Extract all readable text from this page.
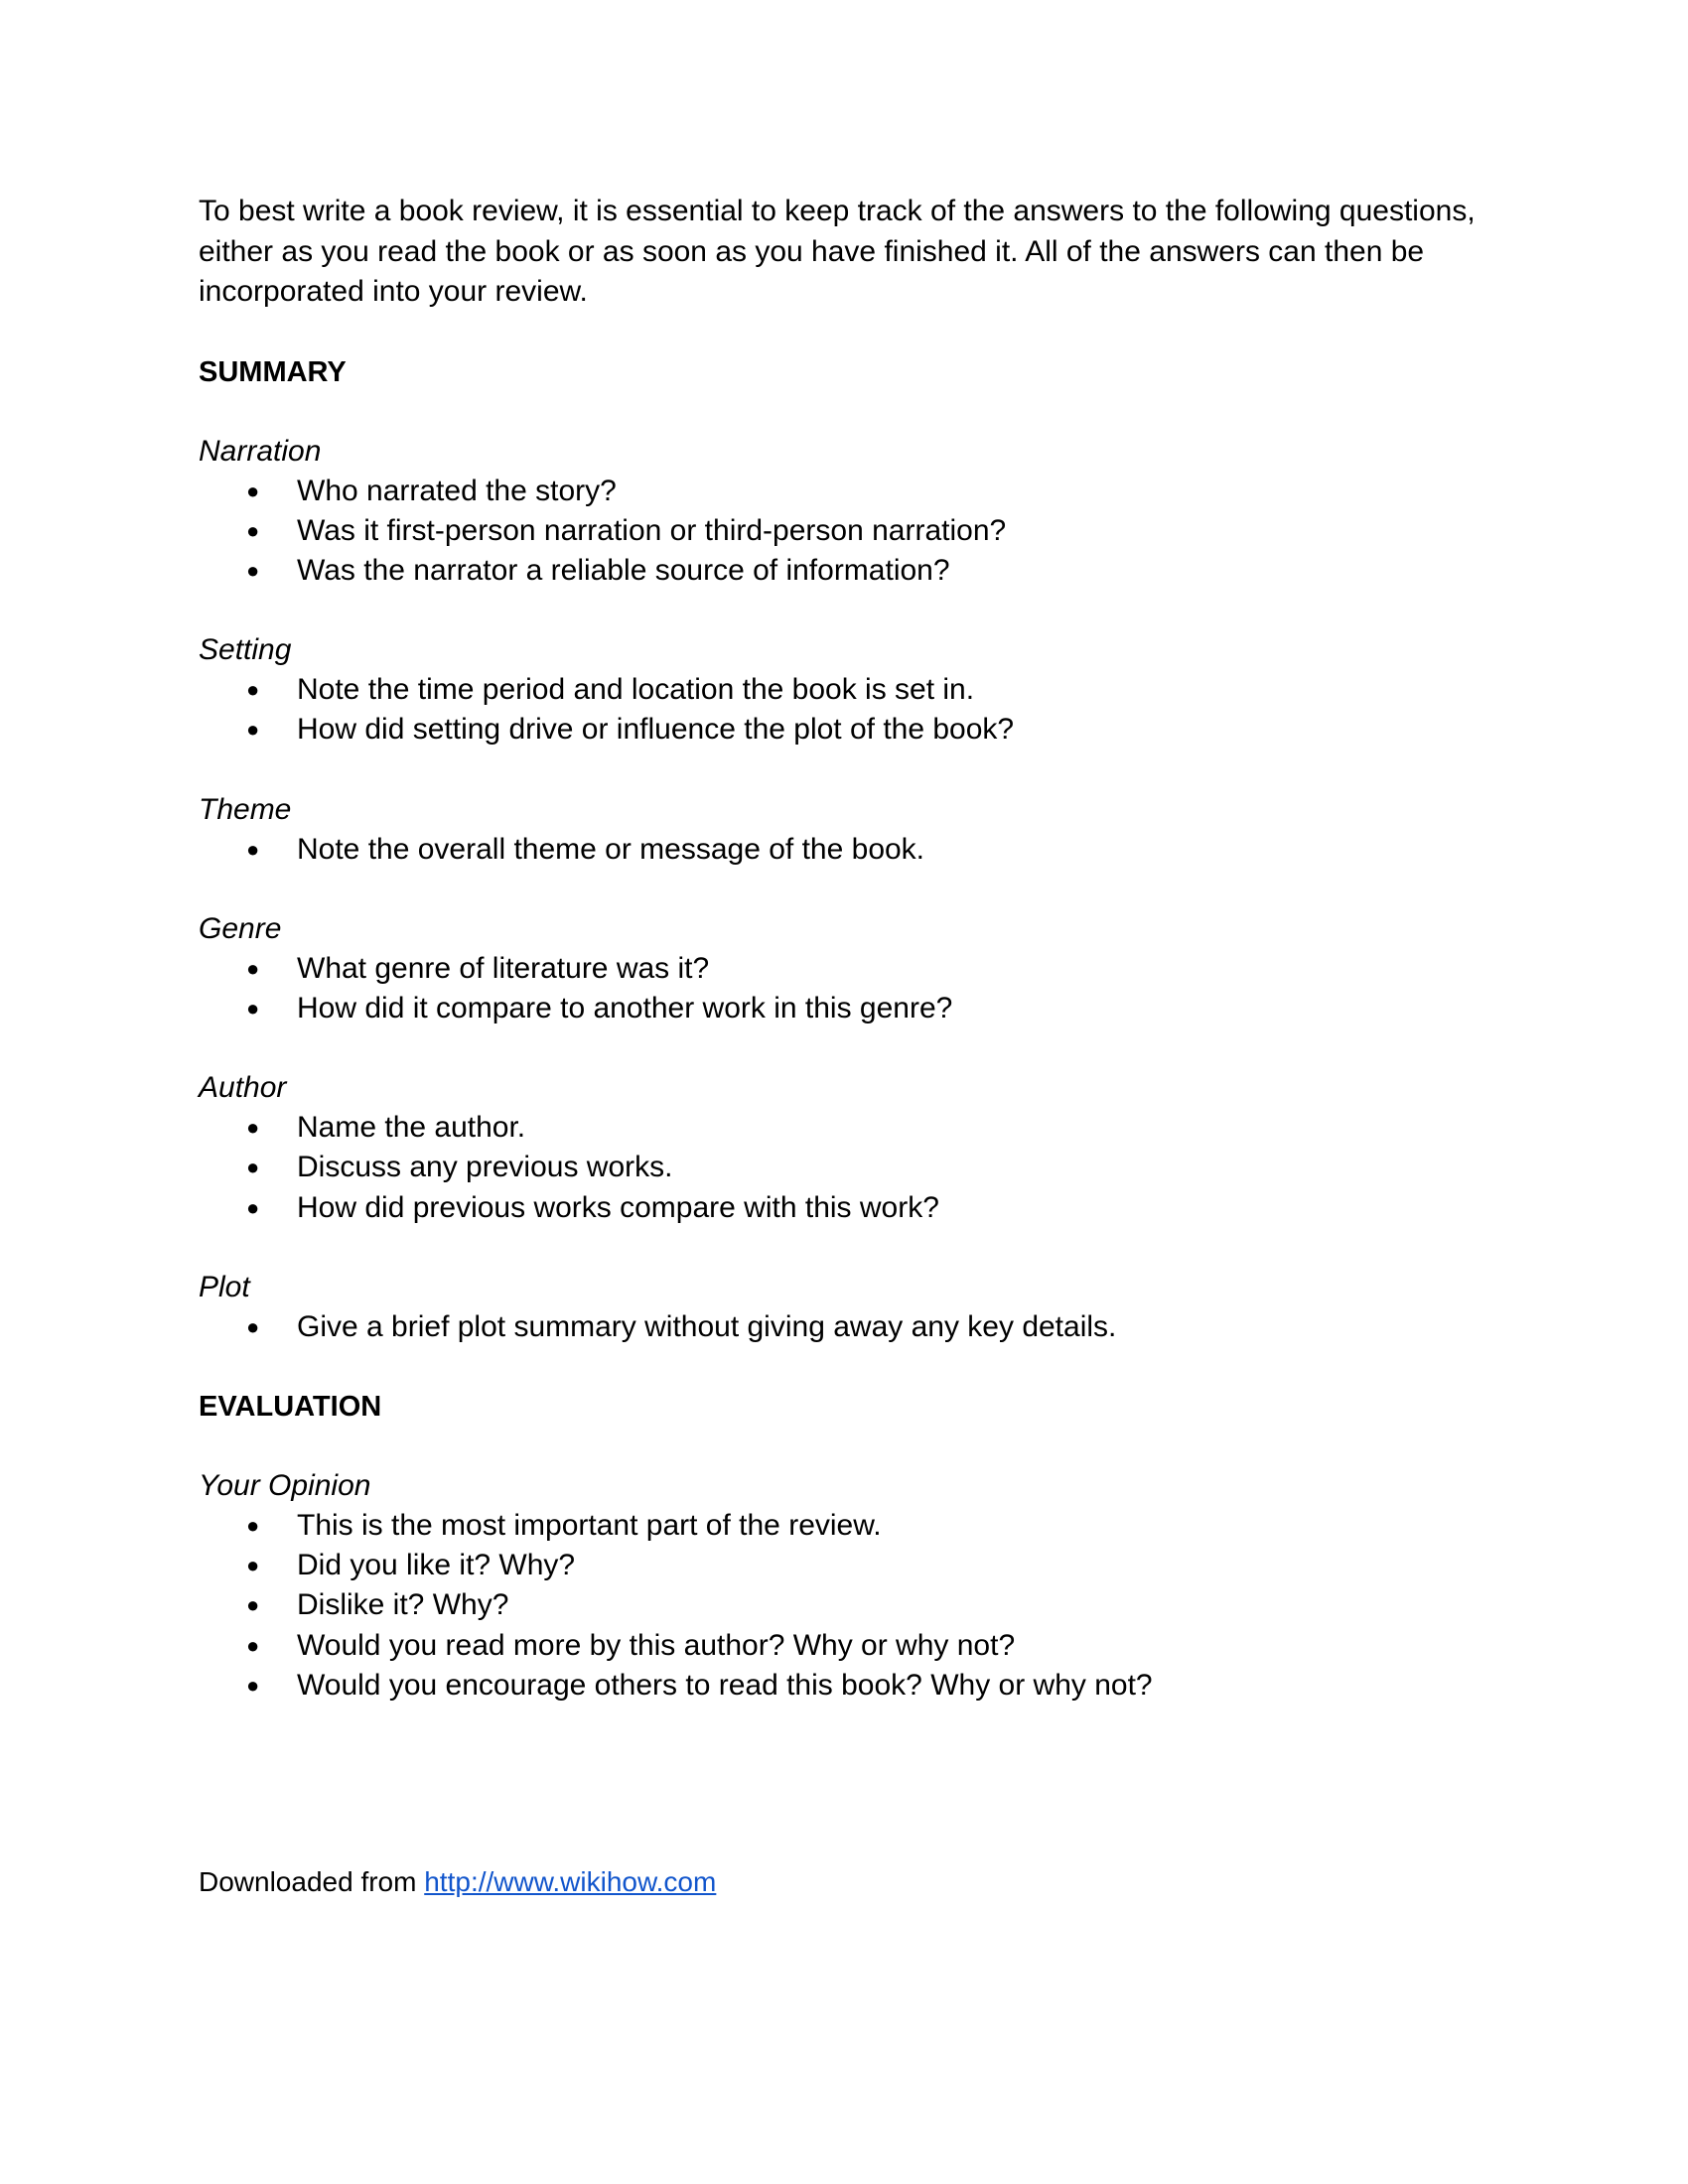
To best write a book review, it is essential to keep track of the answers to the following questions, either as you read the book or as soon as you have finished it. All of the answers can then be incorporated into your review.

SUMMARY
Narration
● Who narrated the story?
● Was it first-person narration or third-person narration?
● Was the narrator a reliable source of information?
Setting
● Note the time period and location the book is set in.
● How did setting drive or influence the plot of the book?
Theme
● Note the overall theme or message of the book.
Genre
● What genre of literature was it?
● How did it compare to another work in this genre?
Author
● Name the author.
● Discuss any previous works.
● How did previous works compare with this work?
Plot
● Give a brief plot summary without giving away any key details.
EVALUATION
Your Opinion
● This is the most important part of the review.
● Did you like it? Why?
● Dislike it? Why?
● Would you read more by this author? Why or why not?
● Would you encourage others to read this book? Why or why not?
Downloaded from http://www.wikihow.com
